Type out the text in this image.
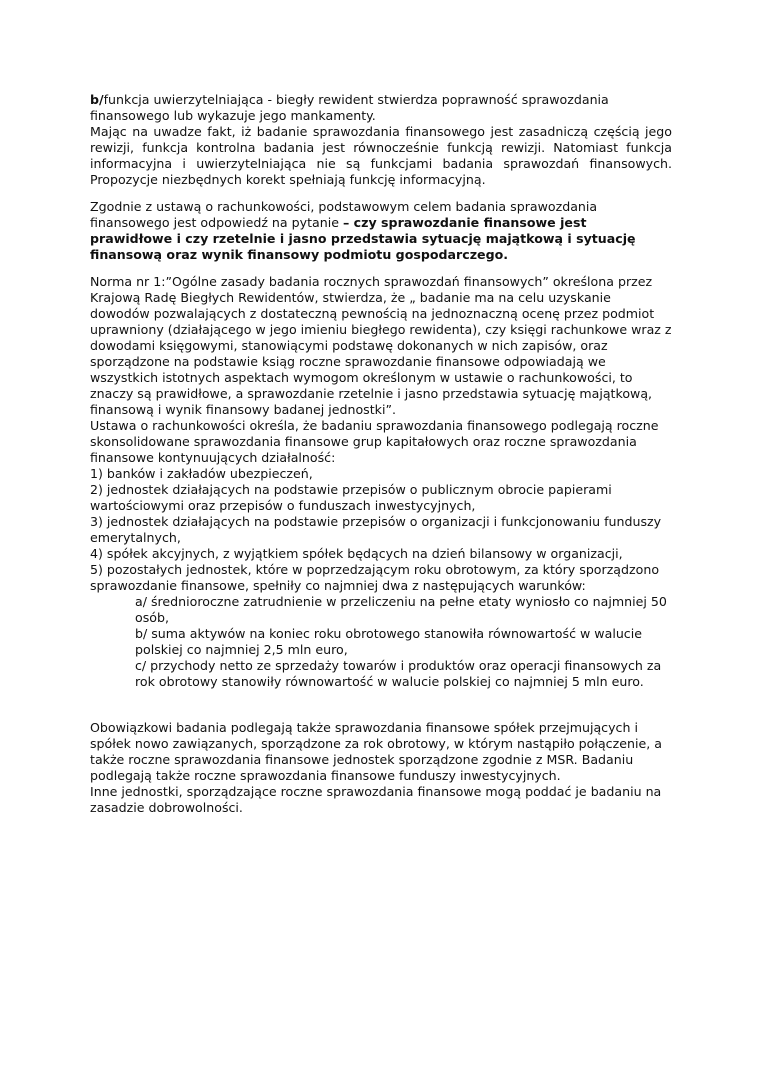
b/funkcja uwierzytelniająca - biegły rewident stwierdza poprawność sprawozdania finansowego lub wykazuje jego mankamenty.

Mając na uwadze fakt, iż badanie sprawozdania finansowego jest zasadniczą częścią jego rewizji, funkcja kontrolna badania jest równocześnie funkcją rewizji. Natomiast funkcja informacyjna i uwierzytelniająca nie są funkcjami badania sprawozdań finansowych. Propozycje niezbędnych korekt spełniają funkcję informacyjną.

Zgodnie z ustawą o rachunkowości, podstawowym celem badania sprawozdania finansowego jest odpowiedź na pytanie – czy sprawozdanie finansowe jest prawidłowe i czy rzetelnie i jasno przedstawia sytuację majątkową i sytuację finansową oraz wynik finansowy podmiotu gospodarczego.

Norma nr 1:”Ogólne zasady badania rocznych sprawozdań finansowych” określona przez Krajową Radę Biegłych Rewidentów, stwierdza, że „ badanie ma na celu uzyskanie dowodów pozwalających z dostateczną pewnością na jednoznaczną ocenę przez podmiot uprawniony (działającego w jego imieniu biegłego rewidenta), czy księgi rachunkowe wraz z dowodami księgowymi, stanowiącymi podstawę dokonanych w nich zapisów, oraz sporządzone na podstawie ksiąg roczne sprawozdanie finansowe odpowiadają we wszystkich istotnych aspektach wymogom określonym w ustawie o rachunkowości, to znaczy są prawidłowe, a sprawozdanie rzetelnie i jasno przedstawia sytuację majątkową, finansową i wynik finansowy badanej jednostki”.

Ustawa o rachunkowości określa, że badaniu sprawozdania finansowego podlegają roczne skonsolidowane sprawozdania finansowe grup kapitałowych oraz roczne sprawozdania finansowe kontynuujących działalność:

1) banków i zakładów ubezpieczeń,

2) jednostek działających na podstawie przepisów o publicznym obrocie papierami wartościowymi oraz przepisów o funduszach inwestycyjnych,

3) jednostek działających na podstawie przepisów o organizacji i funkcjonowaniu funduszy emerytalnych,

4) spółek akcyjnych, z wyjątkiem spółek będących na dzień bilansowy w organizacji,

5) pozostałych jednostek, które w poprzedzającym roku obrotowym, za który sporządzono sprawozdanie finansowe, spełniły co najmniej dwa z następujących warunków:

a/ średnioroczne zatrudnienie w przeliczeniu na pełne etaty wyniosło co najmniej 50 osób,

b/ suma aktywów na koniec roku obrotowego stanowiła równowartość w walucie polskiej co najmniej 2,5 mln euro,

c/ przychody netto ze sprzedaży towarów i produktów oraz operacji finansowych za rok obrotowy stanowiły równowartość w walucie polskiej co najmniej 5 mln euro.

Obowiązkowi badania podlegają także sprawozdania finansowe spółek przejmujących i spółek nowo zawiązanych, sporządzone za rok obrotowy, w którym nastąpiło połączenie, a także roczne sprawozdania finansowe jednostek sporządzone zgodnie z MSR. Badaniu podlegają także roczne sprawozdania finansowe funduszy inwestycyjnych.

Inne jednostki, sporządzające roczne sprawozdania finansowe mogą poddać je badaniu na zasadzie dobrowolności.
